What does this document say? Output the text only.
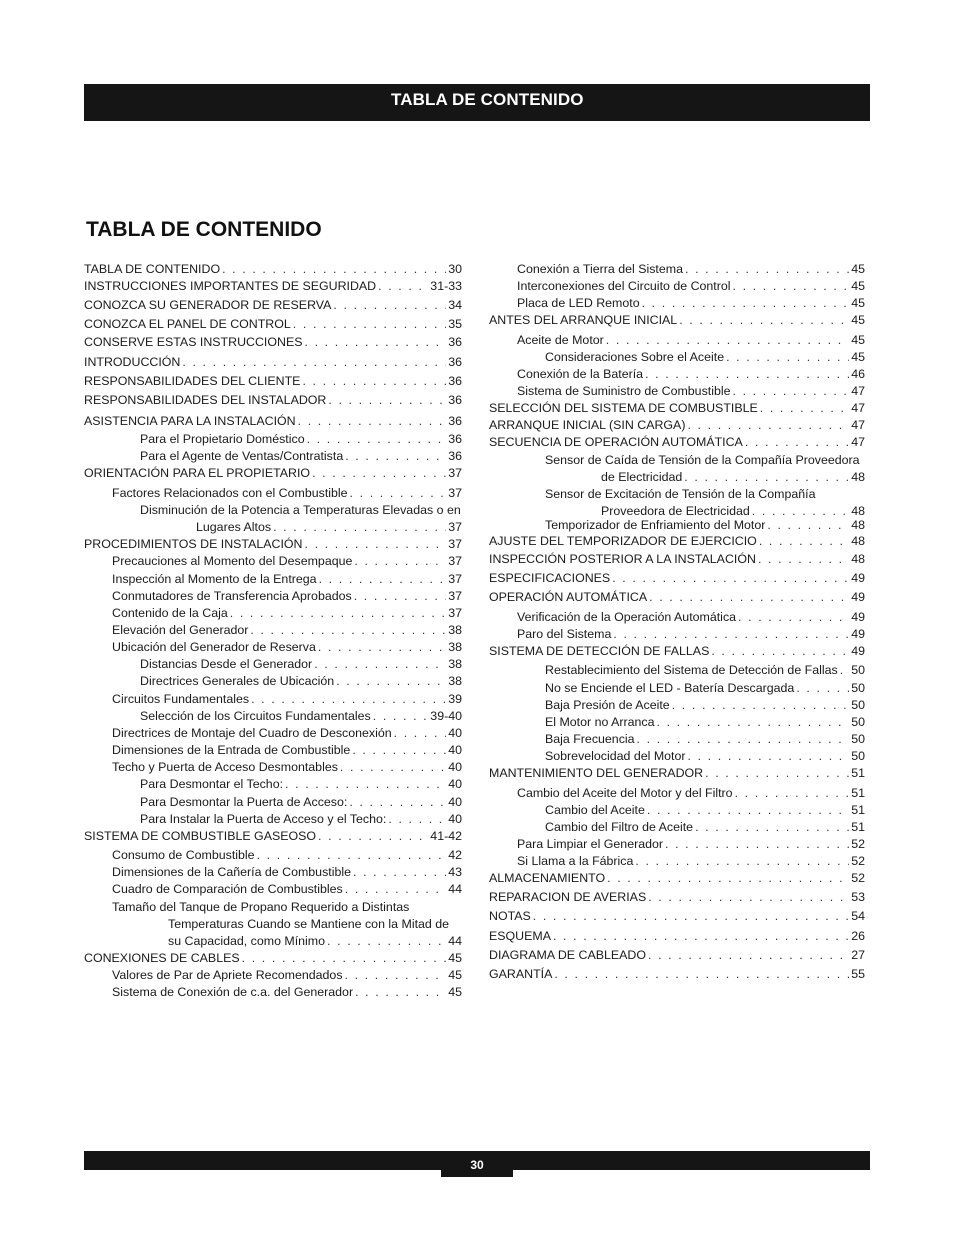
TABLA DE CONTENIDO
TABLA DE CONTENIDO
TABLA DE CONTENIDO . . .	30
INSTRUCCIONES IMPORTANTES DE SEGURIDAD . . .	31-33
CONOZCA SU GENERADOR DE RESERVA . . .	34
CONOZCA EL PANEL DE CONTROL . . .	35
CONSERVE ESTAS INSTRUCCIONES . . .	36
INTRODUCCIÓN . . .	36
RESPONSABILIDADES DEL CLIENTE . . .	36
RESPONSABILIDADES DEL INSTALADOR . . .	36
ASISTENCIA PARA LA INSTALACIÓN . . .	36
Para el Propietario Doméstico . . .	36
Para el Agente de Ventas/Contratista . . .	36
ORIENTACIÓN PARA EL PROPIETARIO . . .	37
Factores Relacionados con el Combustible . . .	37
Disminución de la Potencia a Temperaturas Elevadas o en
Lugares Altos . . .	37
PROCEDIMIENTOS DE INSTALACIÓN . . .	37
Precauciones al Momento del Desempaque . . .	37
Inspección al Momento de la Entrega . . .	37
Conmutadores de Transferencia Aprobados . . .	37
Contenido de la Caja . . .	37
Elevación del Generador . . .	38
Ubicación del Generador de Reserva . . .	38
Distancias Desde el Generador . . .	38
Directrices Generales de Ubicación . . .	38
Circuitos Fundamentales . . .	39
Selección de los Circuitos Fundamentales . . .	39-40
Directrices de Montaje del Cuadro de Desconexión . . .	40
Dimensiones de la Entrada de Combustible . . .	40
Techo y Puerta de Acceso Desmontables . . .	40
Para Desmontar el Techo: . . .	40
Para Desmontar la Puerta de Acceso: . . .	40
Para Instalar la Puerta de Acceso y el Techo: . . .	40
SISTEMA DE COMBUSTIBLE GASEOSO . . .	41-42
Consumo de Combustible . . .	42
Dimensiones de la Cañería de Combustible . . .	43
Cuadro de Comparación de Combustibles . . .	44
Tamaño del Tanque de Propano Requerido a Distintas
Temperaturas Cuando se Mantiene con la Mitad de
su Capacidad, como Mínimo . . .	44
CONEXIONES DE CABLES . . .	45
Valores de Par de Apriete Recomendados . . .	45
Sistema de Conexión de c.a. del Generador . . .	45
Conexión a Tierra del Sistema . . .	45
Interconexiones del Circuito de Control . . .	45
Placa de LED Remoto . . .	45
ANTES DEL ARRANQUE INICIAL . . .	45
Aceite de Motor . . .	45
Consideraciones Sobre el Aceite . . .	45
Conexión de la Batería . . .	46
Sistema de Suministro de Combustible . . .	47
SELECCIÓN DEL SISTEMA DE COMBUSTIBLE . . .	47
ARRANQUE INICIAL (SIN CARGA) . . .	47
SECUENCIA DE OPERACIÓN AUTOMÁTICA . . .	47
Sensor de Caída de Tensión de la Compañía Proveedora
de Electricidad . . .	48
Sensor de Excitación de Tensión de la Compañía
Proveedora de Electricidad . . .	48
Temporizador de Enfriamiento del Motor . . .	48
AJUSTE DEL TEMPORIZADOR DE EJERCICIO . . .	48
INSPECCIÓN POSTERIOR A LA INSTALACIÓN . . .	48
ESPECIFICACIONES . . .	49
OPERACIÓN AUTOMÁTICA . . .	49
Verificación de la Operación Automática . . .	49
Paro del Sistema . . .	49
SISTEMA DE DETECCIÓN DE FALLAS . . .	49
Restablecimiento del Sistema de Detección de Fallas . . . 50
No se Enciende el LED - Batería Descargada . . .	50
Baja Presión de Aceite . . .	50
El Motor no Arranca . . .	50
Baja Frecuencia . . .	50
Sobrevelocidad del Motor . . .	50
MANTENIMIENTO DEL GENERADOR . . .	51
Cambio del Aceite del Motor y del Filtro . . .	51
Cambio del Aceite . . .	51
Cambio del Filtro de Aceite . . .	51
Para Limpiar el Generador . . .	52
Si Llama a la Fábrica . . .	52
ALMACENAMIENTO . . .	52
REPARACION DE AVERIAS . . .	53
NOTAS . . .	54
ESQUEMA . . .	26
DIAGRAMA DE CABLEADO . . .	27
GARANTÍA . . .	55
30
